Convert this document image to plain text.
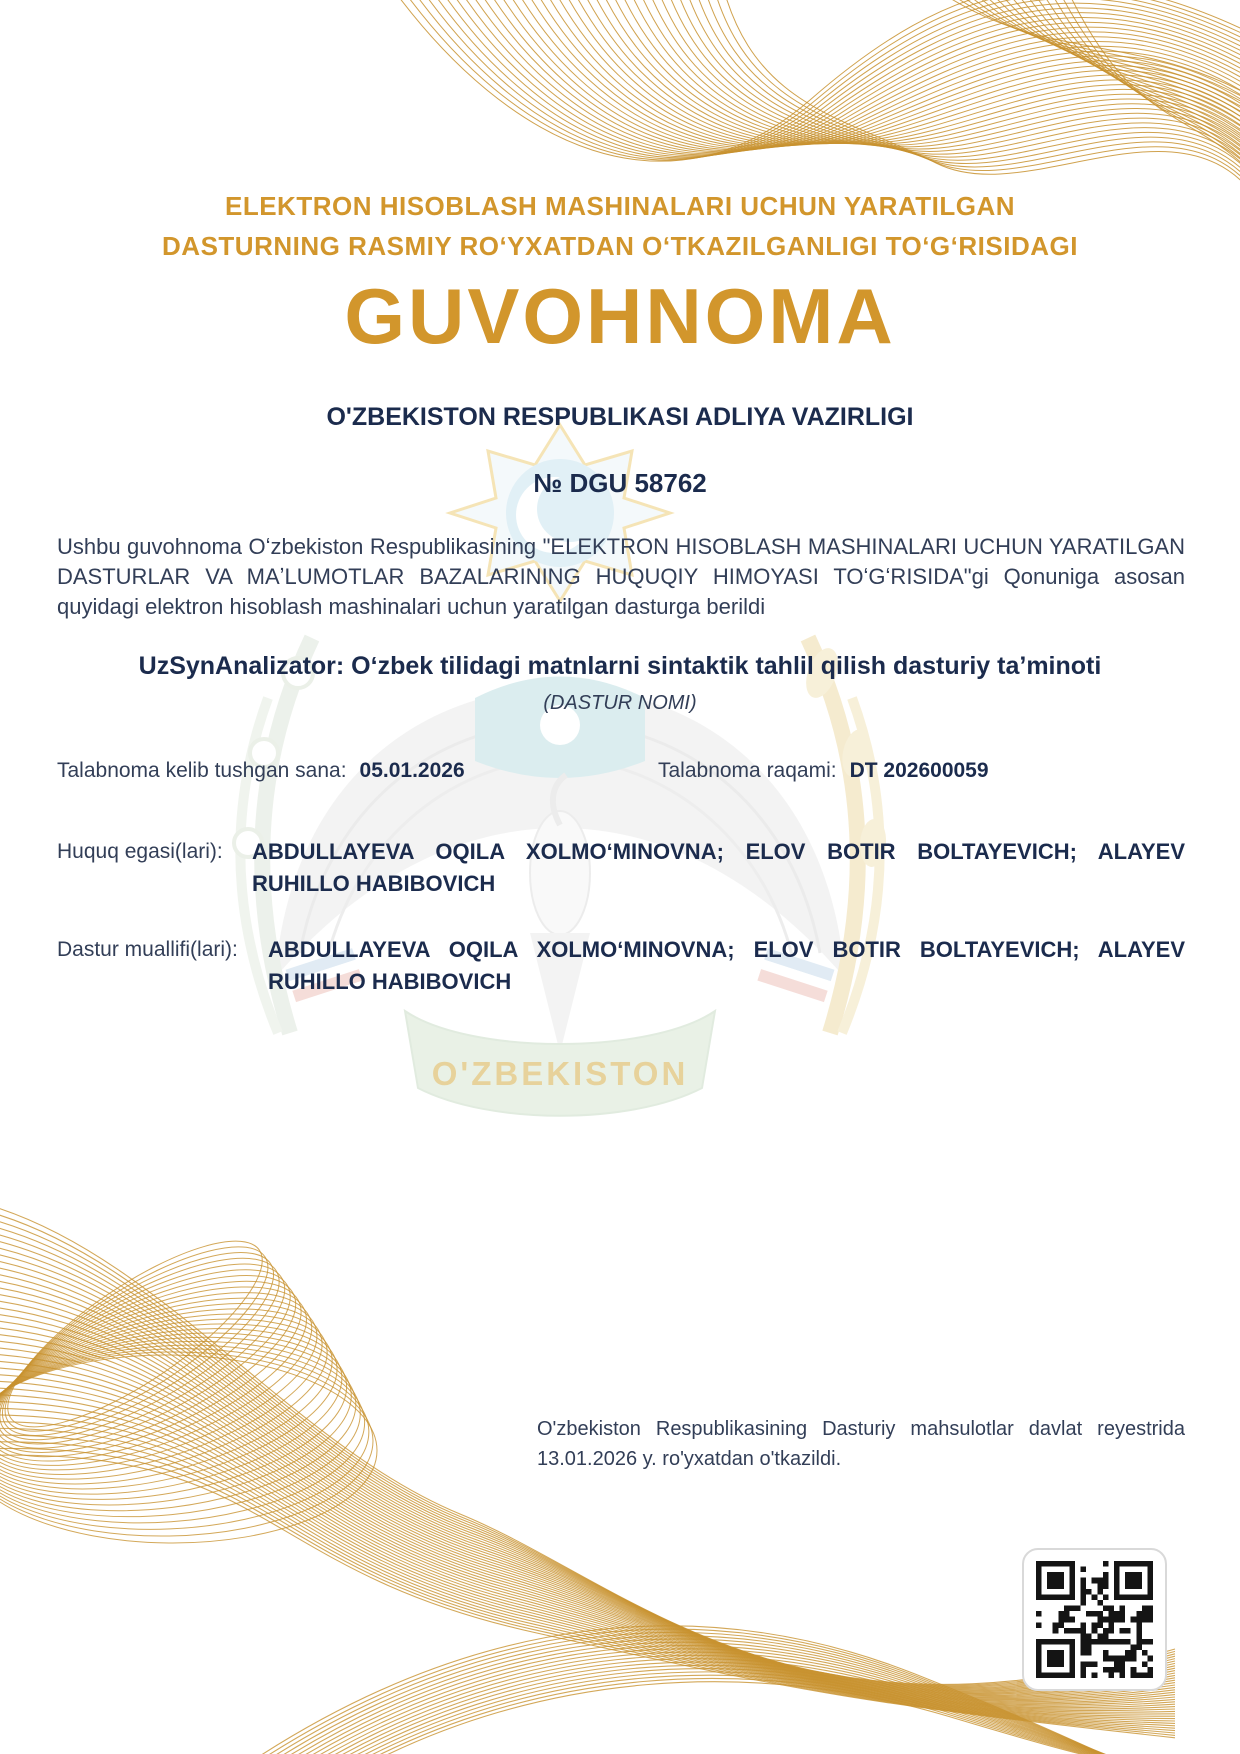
O'ZBEKISTON
ELEKTRON HISOBLASH MASHINALARI UCHUN YARATILGAN
DASTURNING RASMIY ROʻYXATDAN OʻTKAZILGANLIGI TOʻGʻRISIDAGI
GUVOHNOMA
O'ZBEKISTON RESPUBLIKASI ADLIYA VAZIRLIGI
№ DGU 58762

Ushbu guvohnoma Oʻzbekiston Respublikasining "ELEKTRON HISOBLASH MASHINALARI UCHUN YARATILGAN DASTURLAR VA MAʼLUMOTLAR BAZALARINING HUQUQIY HIMOYASI TOʻGʻRISIDA"gi Qonuniga asosan quyidagi elektron hisoblash mashinalari uchun yaratilgan dasturga berildi

UzSynAnalizator: Oʻzbek tilidagi matnlarni sintaktik tahlil qilish dasturiy ta’minoti
(DASTUR NOMI)
Talabnoma kelib tushgan sana: 05.01.2026	Talabnoma raqami: DT 202600059
Huquq egasi(lari): ABDULLAYEVA OQILA XOLMOʻMINOVNA; ELOV BOTIR BOLTAYEVICH; ALAYEV RUHILLO HABIBOVICH
Dastur muallifi(lari): ABDULLAYEVA OQILA XOLMOʻMINOVNA; ELOV BOTIR BOLTAYEVICH; ALAYEV RUHILLO HABIBOVICH

O'zbekiston Respublikasining Dasturiy mahsulotlar davlat reyestrida 13.01.2026 y. ro'yxatdan o'tkazildi.
